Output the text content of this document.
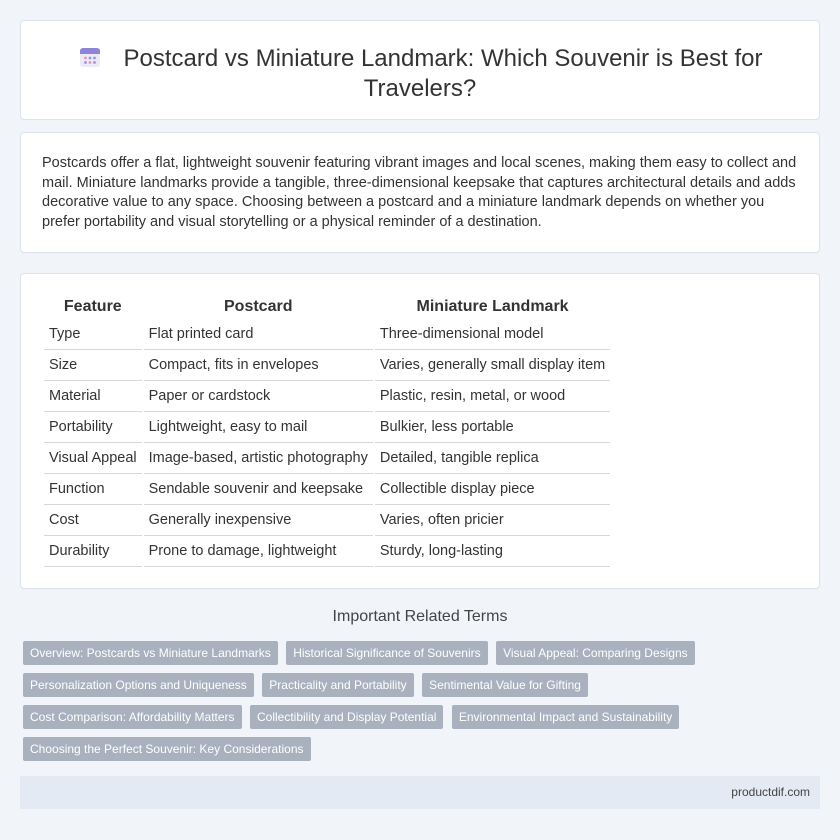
Postcard vs Miniature Landmark: Which Souvenir is Best for
Travelers?

Postcards offer a flat, lightweight souvenir featuring vibrant images and local scenes, making them easy to collect and mail. Miniature landmarks provide a tangible, three-dimensional keepsake that captures architectural details and adds decorative value to any space. Choosing between a postcard and a miniature landmark depends on whether you prefer portability and visual storytelling or a physical reminder of a destination.

Feature	Postcard	Miniature Landmark
Type	Flat printed card	Three-dimensional model
Size	Compact, fits in envelopes	Varies, generally small display item
Material	Paper or cardstock	Plastic, resin, metal, or wood
Portability	Lightweight, easy to mail	Bulkier, less portable
Visual Appeal	Image-based, artistic photography	Detailed, tangible replica
Function	Sendable souvenir and keepsake	Collectible display piece
Cost	Generally inexpensive	Varies, often pricier
Durability	Prone to damage, lightweight	Sturdy, long-lasting
Important Related Terms
Overview: Postcards vs Miniature Landmarks Historical Significance of Souvenirs Visual Appeal: Comparing Designs Personalization Options and Uniqueness Practicality and Portability Sentimental Value for Gifting Cost Comparison: Affordability Matters Collectibility and Display Potential Environmental Impact and Sustainability Choosing the Perfect Souvenir: Key Considerations
productdif.com
